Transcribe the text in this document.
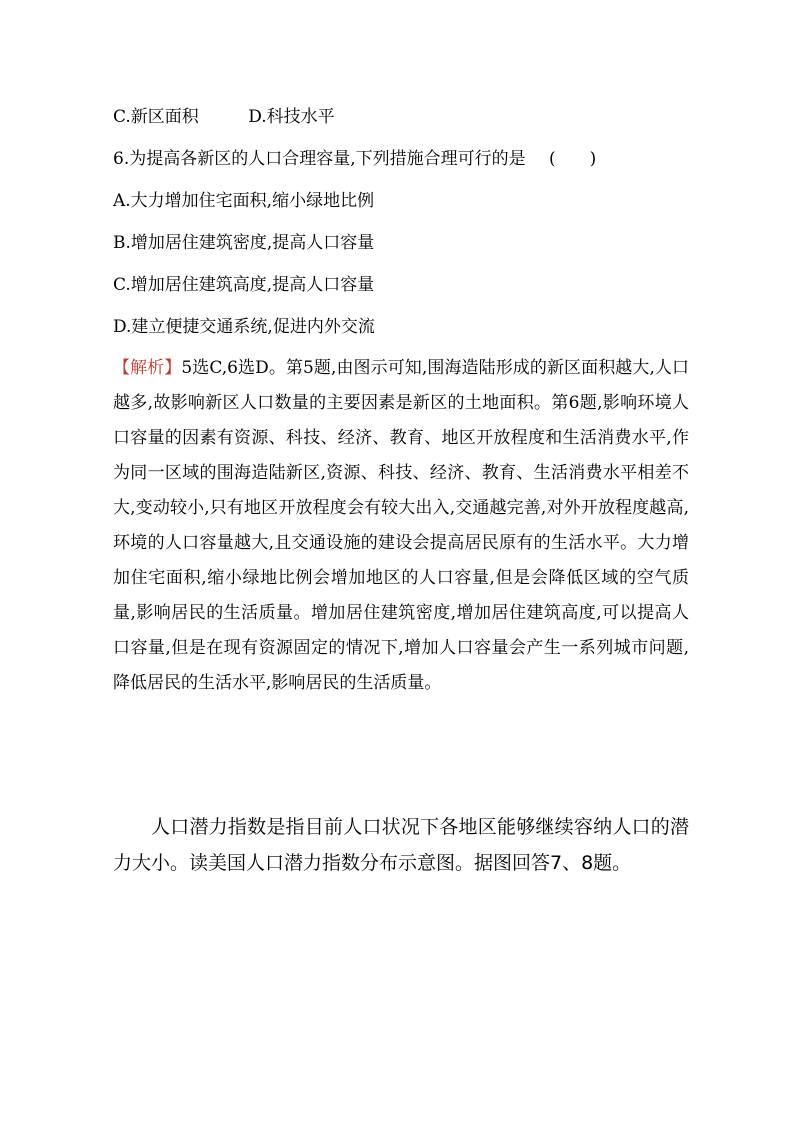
C.新区面积	D.科技水平
6.为提高各新区的人口合理容量,下列措施合理可行的是 (　　)
A.大力增加住宅面积,缩小绿地比例
B.增加居住建筑密度,提高人口容量
C.增加居住建筑高度,提高人口容量
D.建立便捷交通系统,促进内外交流
【解析】5选C,6选D。第5题,由图示可知,围海造陆形成的新区面积越大,人口越多,故影响新区人口数量的主要因素是新区的土地面积。第6题,影响环境人口容量的因素有资源、科技、经济、教育、地区开放程度和生活消费水平,作为同一区域的围海造陆新区,资源、科技、经济、教育、生活消费水平相差不大,变动较小,只有地区开放程度会有较大出入,交通越完善,对外开放程度越高,环境的人口容量越大,且交通设施的建设会提高居民原有的生活水平。大力增加住宅面积,缩小绿地比例会增加地区的人口容量,但是会降低区域的空气质量,影响居民的生活质量。增加居住建筑密度,增加居住建筑高度,可以提高人口容量,但是在现有资源固定的情况下,增加人口容量会产生一系列城市问题,降低居民的生活水平,影响居民的生活质量。
人口潜力指数是指目前人口状况下各地区能够继续容纳人口的潜力大小。读美国人口潜力指数分布示意图。据图回答7、8题。
